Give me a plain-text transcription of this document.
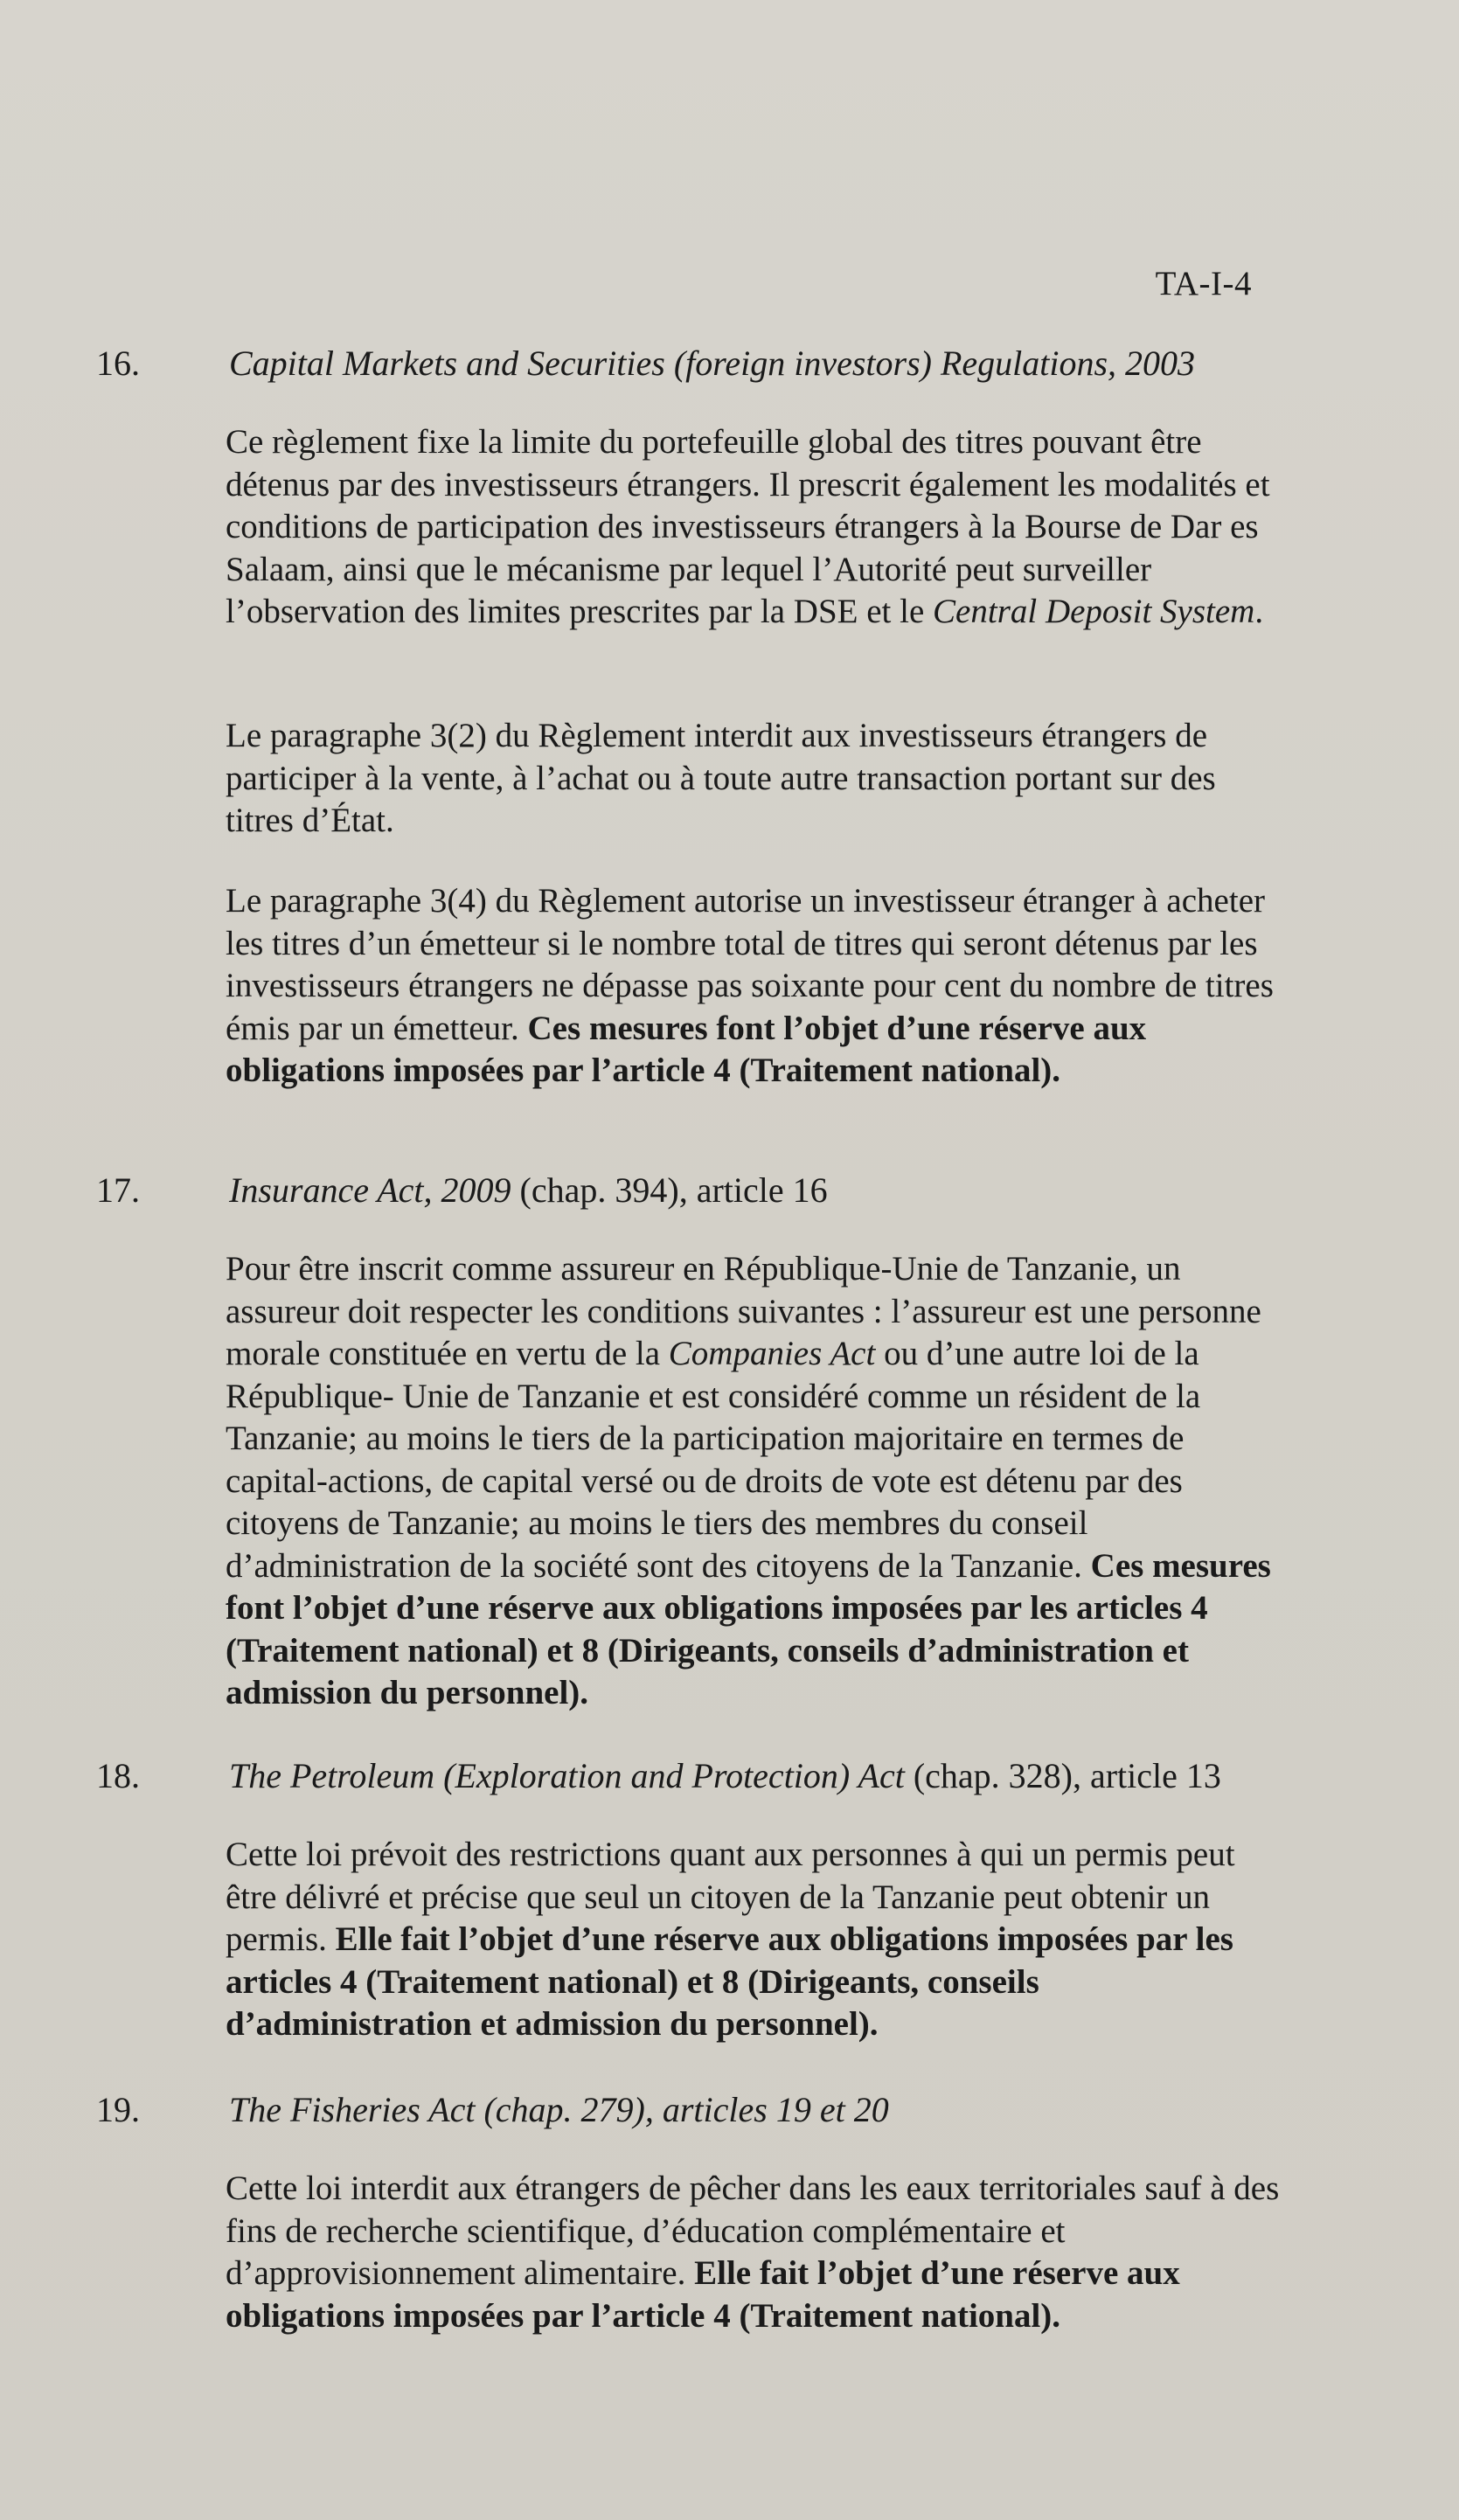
TA-I-4
16.	Capital Markets and Securities (foreign investors) Regulations, 2003

Ce règlement fixe la limite du portefeuille global des titres pouvant être détenus par des investisseurs étrangers. Il prescrit également les modalités et conditions de participation des investisseurs étrangers à la Bourse de Dar es Salaam, ainsi que le mécanisme par lequel l’Autorité peut surveiller l’observation des limites prescrites par la DSE et le Central Deposit System.

Le paragraphe 3(2) du Règlement interdit aux investisseurs étrangers de participer à la vente, à l’achat ou à toute autre transaction portant sur des titres d’État.

Le paragraphe 3(4) du Règlement autorise un investisseur étranger à acheter les titres d’un émetteur si le nombre total de titres qui seront détenus par les investisseurs étrangers ne dépasse pas soixante pour cent du nombre de titres émis par un émetteur. Ces mesures font l’objet d’une réserve aux obligations imposées par l’article 4 (Traitement national).

17.	Insurance Act, 2009 (chap. 394), article 16

Pour être inscrit comme assureur en République-Unie de Tanzanie, un assureur doit respecter les conditions suivantes : l’assureur est une personne morale constituée en vertu de la Companies Act ou d’une autre loi de la République- Unie de Tanzanie et est considéré comme un résident de la Tanzanie; au moins le tiers de la participation majoritaire en termes de capital-actions, de capital versé ou de droits de vote est détenu par des citoyens de Tanzanie; au moins le tiers des membres du conseil d’administration de la société sont des citoyens de la Tanzanie. Ces mesures font l’objet d’une réserve aux obligations imposées par les articles 4 (Traitement national) et 8 (Dirigeants, conseils d’administration et admission du personnel).

18.	The Petroleum (Exploration and Protection) Act (chap. 328), article 13

Cette loi prévoit des restrictions quant aux personnes à qui un permis peut être délivré et précise que seul un citoyen de la Tanzanie peut obtenir un permis. Elle fait l’objet d’une réserve aux obligations imposées par les articles 4 (Traitement national) et 8 (Dirigeants, conseils d’administration et admission du personnel).

19.	The Fisheries Act (chap. 279), articles 19 et 20

Cette loi interdit aux étrangers de pêcher dans les eaux territoriales sauf à des fins de recherche scientifique, d’éducation complémentaire et d’approvisionnement alimentaire. Elle fait l’objet d’une réserve aux obligations imposées par l’article 4 (Traitement national).
